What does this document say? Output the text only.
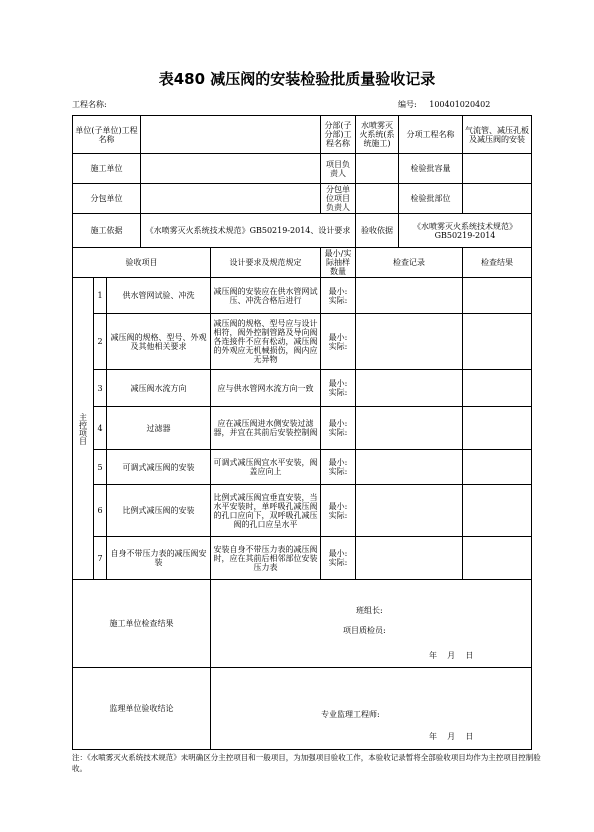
表480 减压阀的安装检验批质量验收记录
工程名称:	编号: 100401020402
单位(子单位)工程名称					分部(子分部)工程名称	水喷雾灭火系统(系统施工)	分项工程名称	气流管、减压孔板及减压阀的安装
施工单位					项目负责人		检验批容量	
分包单位					分包单位项目负责人		检验批部位	
施工依据			《水喷雾灭火系统技术规范》GB50219-2014、设计要求			验收依据	《水喷雾灭火系统技术规范》GB50219-2014	
验收项目				设计要求及规范规定	最小/实际抽样数量	检查记录		检查结果
主控项目	1	供水管网试验、冲洗		减压阀的安装应在供水管网试压、冲洗合格后进行	最小:
实际:			

	2	减压阀的规格、型号、外观及其他相关要求		减压阀的规格、型号应与设计相符，阀外控制管路及导向阀各连接件不应有松动，减压阀的外观应无机械损伤，阀内应无异物	最小:
实际:			

	3	减压阀水流方向		应与供水管网水流方向一致	最小:
实际:			

	4	过滤器		应在减压阀进水侧安装过滤器，并宜在其前后安装控制阀	最小:
实际:			

	5	可调式减压阀的安装		可调式减压阀宜水平安装，阀盖应向上	最小:
实际:			

	6	比例式减压阀的安装		比例式减压阀宜垂直安装，当水平安装时，单呼吸孔减压阀的孔口应向下，双呼吸孔减压阀的孔口应呈水平	最小:
实际:			

	7	自身不带压力表的减压阀安装		安装自身不带压力表的减压阀时，应在其前后相邻部位安装压力表	最小:
实际:			

施工单位检查结果				班组长:
项目质检员:
年    月    日				

监理单位验收结论				专业监理工程师:
年    月    日				
注：《水喷雾灭火系统技术规范》未明确区分主控项目和一般项目，为加强项目验收工作，本验收记录暂将全部验收项目均作为主控项目控制验收。
